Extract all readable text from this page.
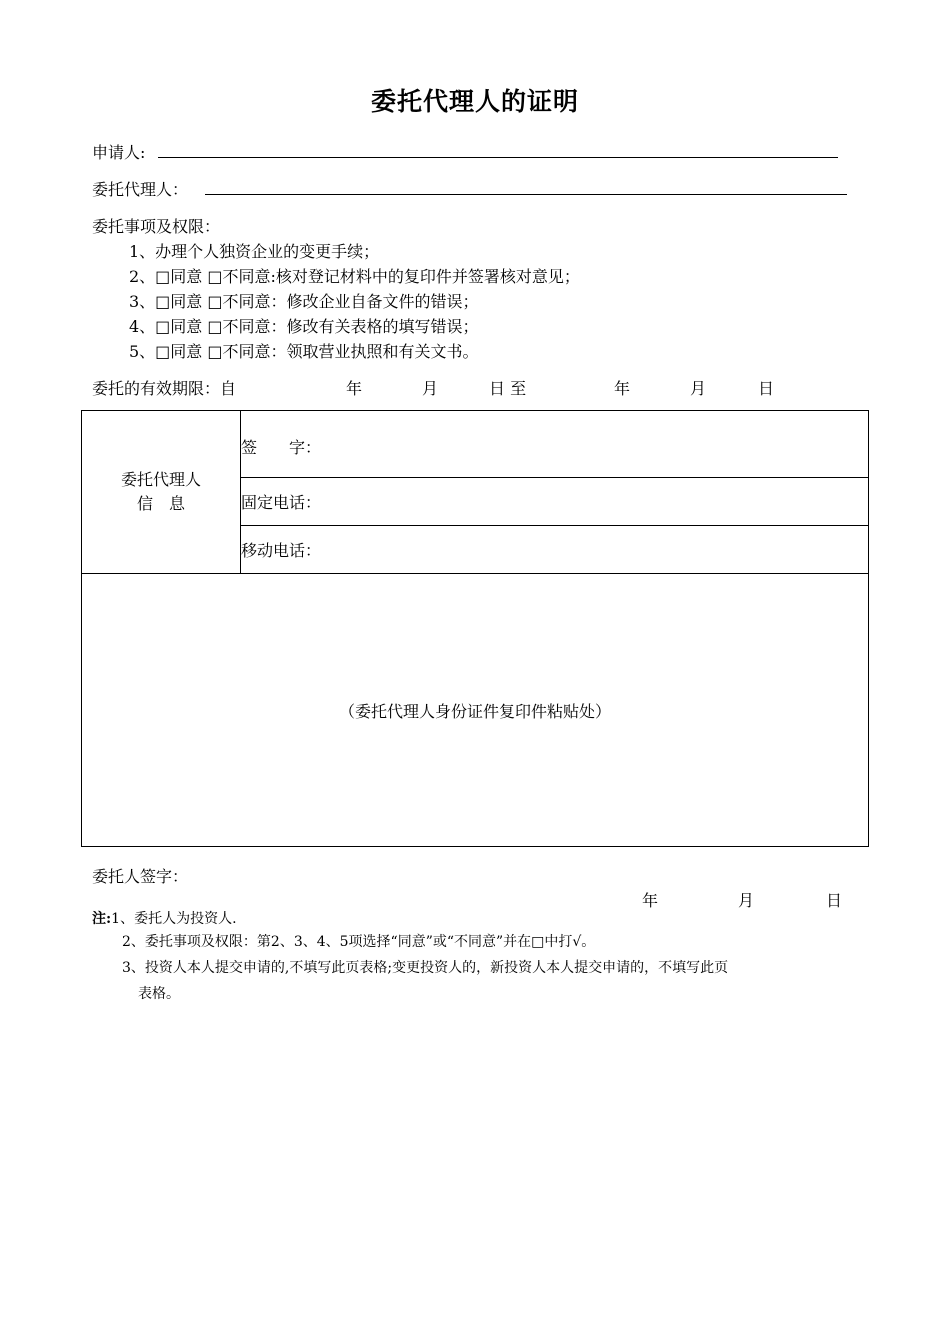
委托代理人的证明
申请人:
委托代理人：
委托事项及权限：
1、办理个人独资企业的变更手续；
2、□同意 □不同意:核对登记材料中的复印件并签署核对意见；
3、□同意 □不同意：修改企业自备文件的错误；
4、□同意 □不同意：修改有关表格的填写错误；
5、□同意 □不同意：领取营业执照和有关文书。
委托的有效期限：自	年	月	日 至	年	月	日
委托代理人
信　息
	签　　字：
固定电话：
移动电话：
（委托代理人身份证件复印件粘贴处）
委托人签字：
年	月	日
注:1、委托人为投资人.
2、委托事项及权限：第2、3、4、5项选择“同意”或“不同意”并在□中打√。
3、投资人本人提交申请的,不填写此页表格;变更投资人的，新投资人本人提交申请的，不填写此页
表格。
